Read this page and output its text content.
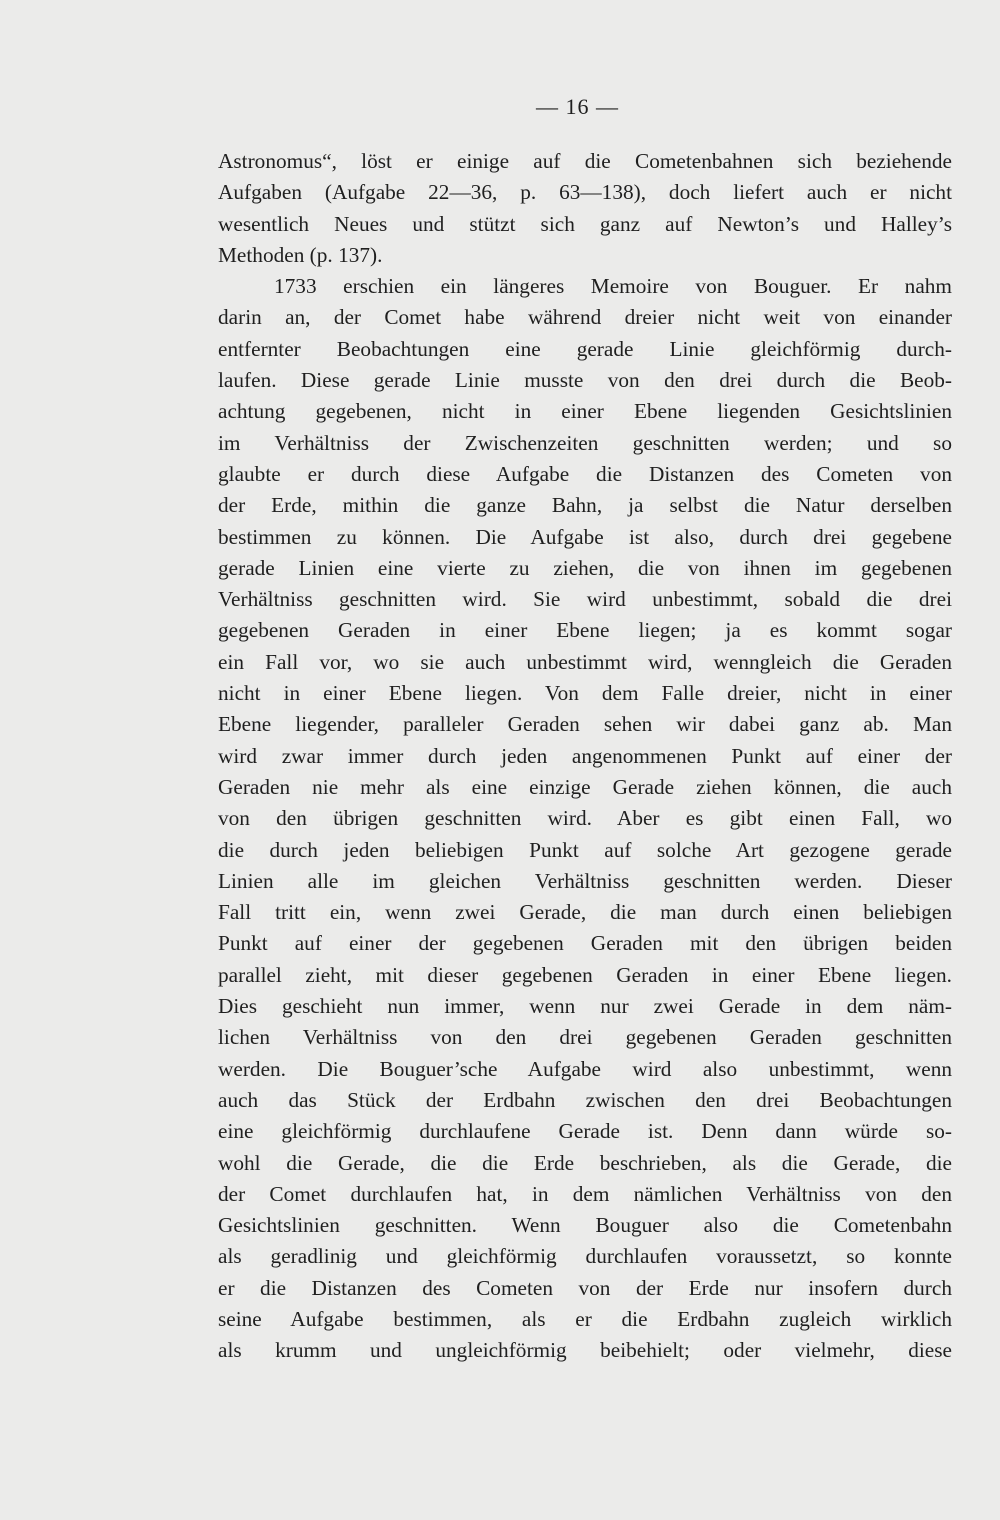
— 16 —
Astronomus“, löst er einige auf die Cometenbahnen sich beziehende
Aufgaben (Aufgabe 22—36, p. 63—138), doch liefert auch er nicht
wesentlich Neues und stützt sich ganz auf Newton’s und Halley’s
Methoden (p. 137).
1733 erschien ein längeres Memoire von Bouguer. Er nahm
darin an, der Comet habe während dreier nicht weit von einander
entfernter Beobachtungen eine gerade Linie gleichförmig durch-
laufen. Diese gerade Linie musste von den drei durch die Beob-
achtung gegebenen, nicht in einer Ebene liegenden Gesichtslinien
im Verhältniss der Zwischenzeiten geschnitten werden; und so
glaubte er durch diese Aufgabe die Distanzen des Cometen von
der Erde, mithin die ganze Bahn, ja selbst die Natur derselben
bestimmen zu können. Die Aufgabe ist also, durch drei gegebene
gerade Linien eine vierte zu ziehen, die von ihnen im gegebenen
Verhältniss geschnitten wird. Sie wird unbestimmt, sobald die drei
gegebenen Geraden in einer Ebene liegen; ja es kommt sogar
ein Fall vor, wo sie auch unbestimmt wird, wenngleich die Geraden
nicht in einer Ebene liegen. Von dem Falle dreier, nicht in einer
Ebene liegender, paralleler Geraden sehen wir dabei ganz ab. Man
wird zwar immer durch jeden angenommenen Punkt auf einer der
Geraden nie mehr als eine einzige Gerade ziehen können, die auch
von den übrigen geschnitten wird. Aber es gibt einen Fall, wo
die durch jeden beliebigen Punkt auf solche Art gezogene gerade
Linien alle im gleichen Verhältniss geschnitten werden. Dieser
Fall tritt ein, wenn zwei Gerade, die man durch einen beliebigen
Punkt auf einer der gegebenen Geraden mit den übrigen beiden
parallel zieht, mit dieser gegebenen Geraden in einer Ebene liegen.
Dies geschieht nun immer, wenn nur zwei Gerade in dem näm-
lichen Verhältniss von den drei gegebenen Geraden geschnitten
werden. Die Bouguer’sche Aufgabe wird also unbestimmt, wenn
auch das Stück der Erdbahn zwischen den drei Beobachtungen
eine gleichförmig durchlaufene Gerade ist. Denn dann würde so-
wohl die Gerade, die die Erde beschrieben, als die Gerade, die
der Comet durchlaufen hat, in dem nämlichen Verhältniss von den
Gesichtslinien geschnitten. Wenn Bouguer also die Cometenbahn
als geradlinig und gleichförmig durchlaufen voraussetzt, so konnte
er die Distanzen des Cometen von der Erde nur insofern durch
seine Aufgabe bestimmen, als er die Erdbahn zugleich wirklich
als krumm und ungleichförmig beibehielt; oder vielmehr, diese
